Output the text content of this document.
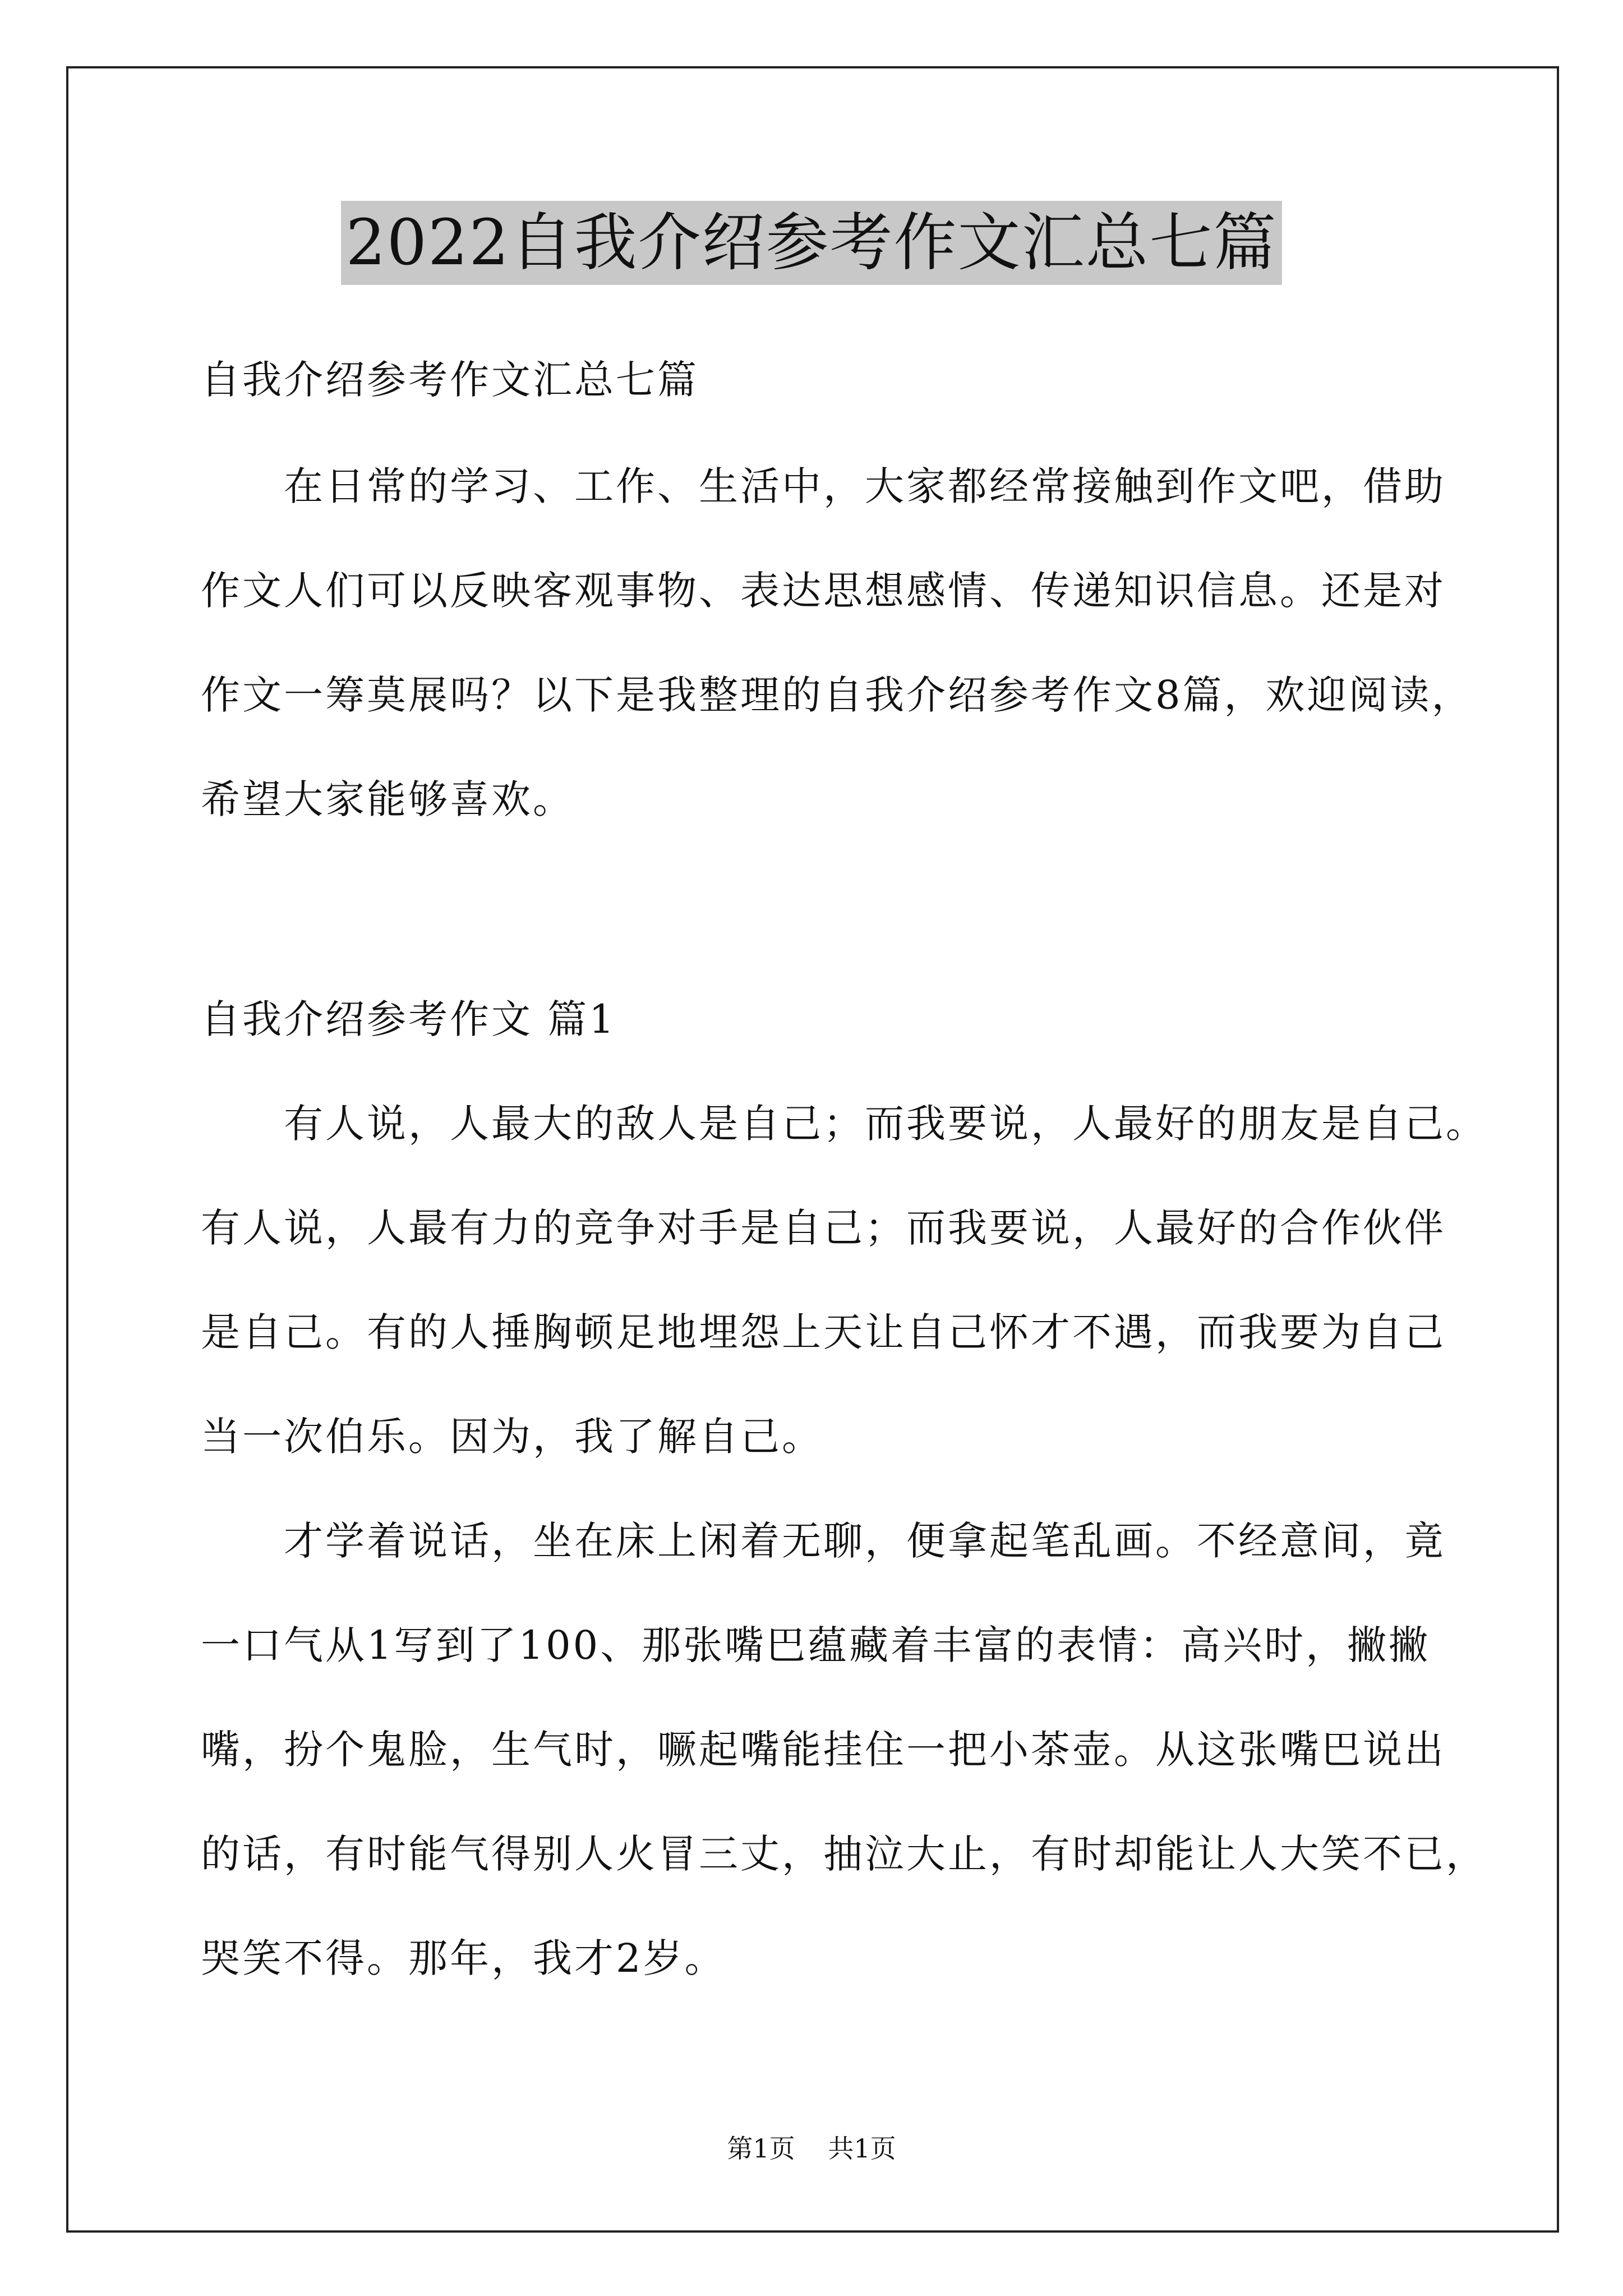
2022自我介绍参考作文汇总七篇
自我介绍参考作文汇总七篇
　　在日常的学习、工作、生活中，大家都经常接触到作文吧，借助
作文人们可以反映客观事物、表达思想感情、传递知识信息。还是对
作文一筹莫展吗？以下是我整理的自我介绍参考作文8篇，欢迎阅读，
希望大家能够喜欢。
自我介绍参考作文 篇1
　　有人说，人最大的敌人是自己；而我要说，人最好的朋友是自己。
有人说，人最有力的竞争对手是自己；而我要说，人最好的合作伙伴
是自己。有的人捶胸顿足地埋怨上天让自己怀才不遇，而我要为自己
当一次伯乐。因为，我了解自己。
　　才学着说话，坐在床上闲着无聊，便拿起笔乱画。不经意间，竟
一口气从1写到了100、那张嘴巴蕴藏着丰富的表情：高兴时，撇撇
嘴，扮个鬼脸，生气时，噘起嘴能挂住一把小茶壶。从这张嘴巴说出
的话，有时能气得别人火冒三丈，抽泣大止，有时却能让人大笑不已，
哭笑不得。那年，我才2岁。
第1页 共1页
